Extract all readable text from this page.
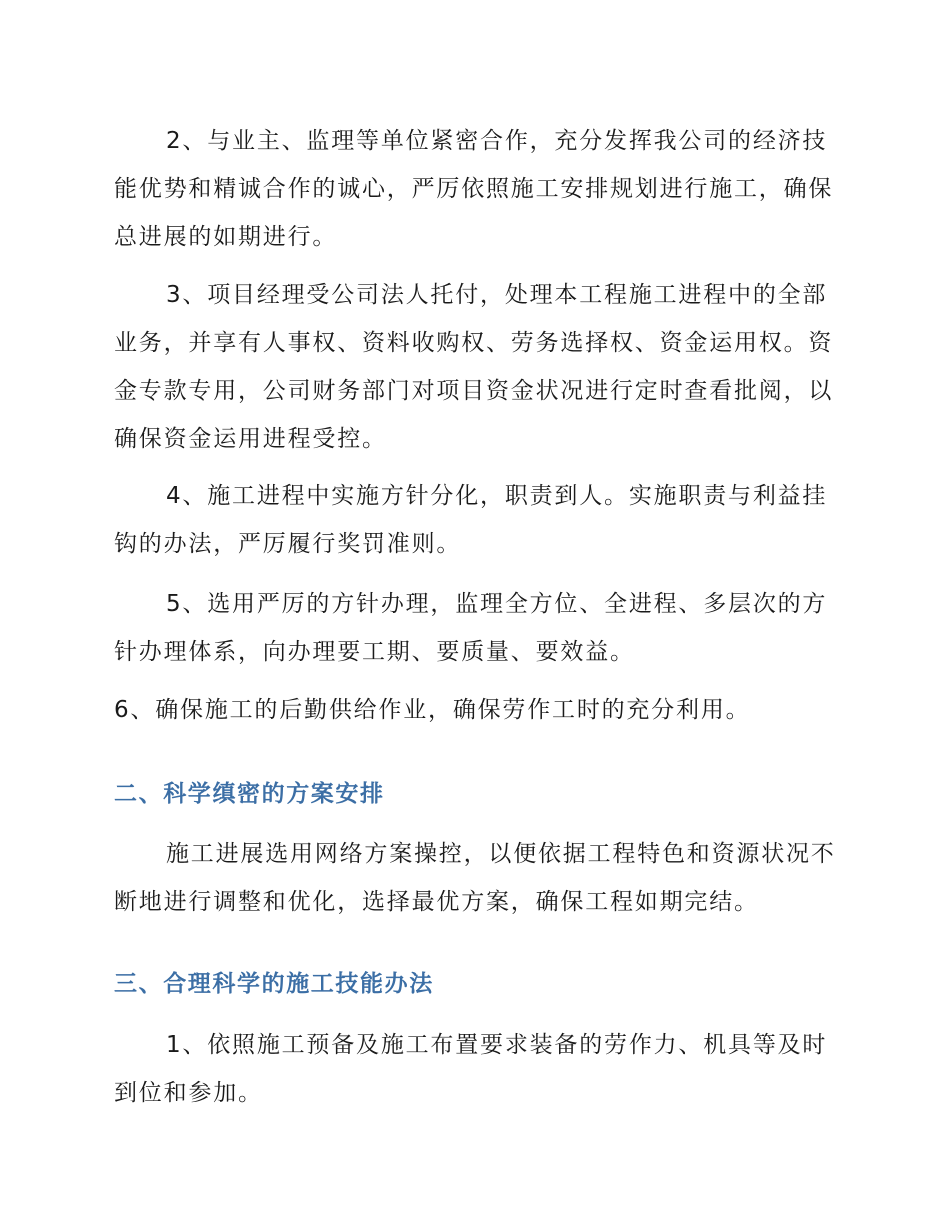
2、与业主、监理等单位紧密合作，充分发挥我公司的经济技
能优势和精诚合作的诚心，严厉依照施工安排规划进行施工，确保
总进展的如期进行。

3、项目经理受公司法人托付，处理本工程施工进程中的全部
业务，并享有人事权、资料收购权、劳务选择权、资金运用权。资
金专款专用，公司财务部门对项目资金状况进行定时查看批阅，以
确保资金运用进程受控。

4、施工进程中实施方针分化，职责到人。实施职责与利益挂
钩的办法，严厉履行奖罚准则。

5、选用严厉的方针办理，监理全方位、全进程、多层次的方
针办理体系，向办理要工期、要质量、要效益。

6、确保施工的后勤供给作业，确保劳作工时的充分利用。

二、科学缜密的方案安排

施工进展选用网络方案操控，以便依据工程特色和资源状况不
断地进行调整和优化，选择最优方案，确保工程如期完结。

三、合理科学的施工技能办法

1、依照施工预备及施工布置要求装备的劳作力、机具等及时
到位和参加。
